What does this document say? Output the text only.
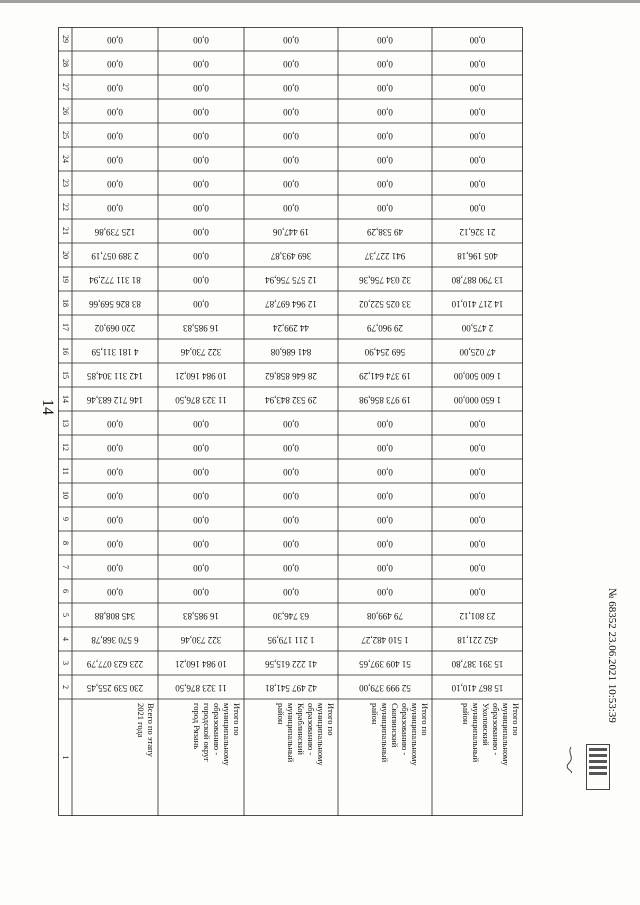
14
29
28
27
26
25
24
23
22
21
20
19
18
17
16
15
14
13
12
11
10
9
8
7
6
5
4
3
2
1
230 539 255,45
223 623 077,79
6 570 368,78
345 808,88
0,00
0,00
0,00
0,00
0,00
0,00
0,00
0,00
146 712 683,46
142 311 304,85
4 181 311,59
220 069,02
83 826 569,66
81 311 772,94
2 389 057,19
125 739,86
0,00
0,00
0,00
0,00
0,00
0,00
0,00
0,00
Всего по этапу
2021 года
11 323 876,50
10 984 160,21
322 730,46
16 985,83
0,00
0,00
0,00
0,00
0,00
0,00
0,00
0,00
11 323 876,50
10 984 160,21
322 730,46
16 985,83
0,00
0,00
0,00
0,00
0,00
0,00
0,00
0,00
0,00
0,00
0,00
0,00
Итого по
муниципальному
образованию -
городской округ
город Рязань
42 497 541,81
41 222 615,56
1 211 179,95
63 746,30
0,00
0,00
0,00
0,00
0,00
0,00
0,00
0,00
29 532 843,94
28 646 858,62
841 686,08
44 299,24
12 964 697,87
12 575 756,94
369 493,87
19 447,06
0,00
0,00
0,00
0,00
0,00
0,00
0,00
0,00
Итого по
муниципальному
образованию -
Кораблинский
муниципальный
район
52 999 379,00
51 409 397,65
1 510 482,27
79 499,08
0,00
0,00
0,00
0,00
0,00
0,00
0,00
0,00
19 973 856,98
19 374 641,29
569 254,90
29 960,79
33 025 522,02
32 034 756,36
941 227,37
49 538,29
0,00
0,00
0,00
0,00
0,00
0,00
0,00
0,00
Итого по
муниципальному
образованию -
Скопинский
муниципальный
район
15 867 410,10
15 391 387,80
452 221,18
23 801,12
0,00
0,00
0,00
0,00
0,00
0,00
0,00
0,00
1 650 000,00
1 600 500,00
47 025,00
2 475,00
14 217 410,10
13 790 887,80
405 196,18
21 326,12
0,00
0,00
0,00
0,00
0,00
0,00
0,00
0,00
Итого по
муниципальному
образованию -
Ухоловский
муниципальный
район	№ 68352 23.06.2021 10:53:39
